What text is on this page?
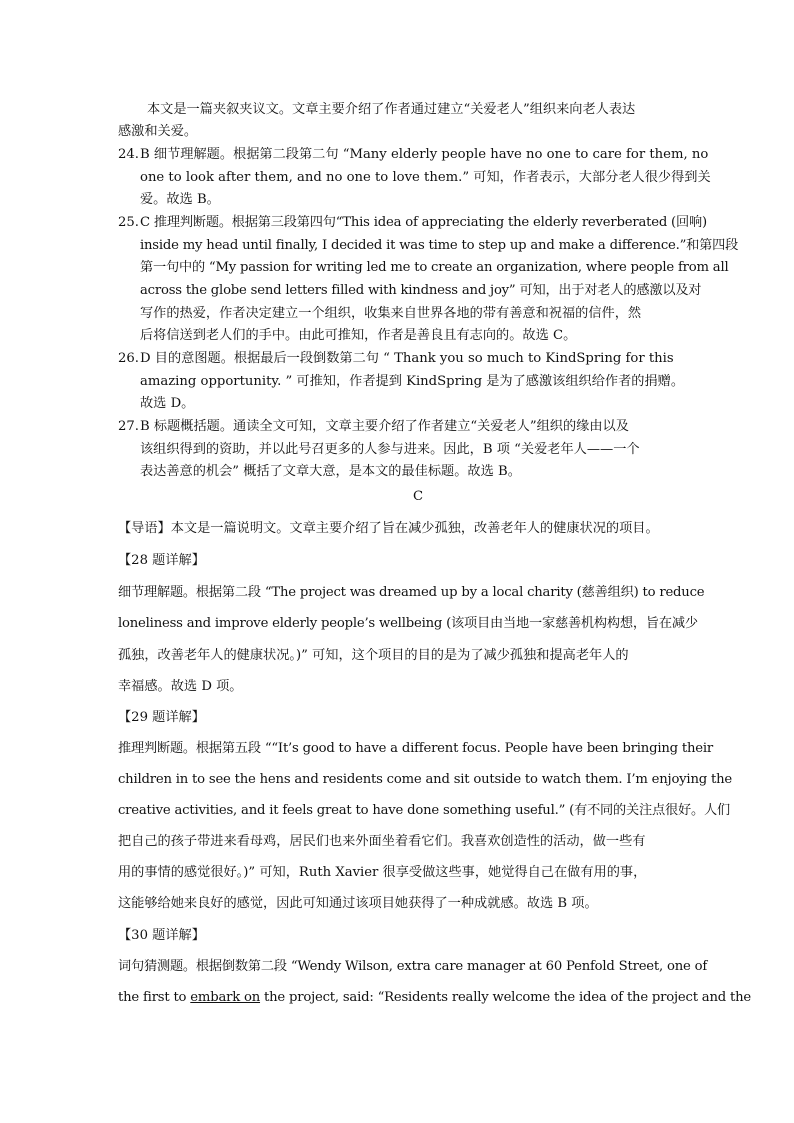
本文是一篇夹叙夹议文。文章主要介绍了作者通过建立“关爱老人”组织来向老人表达
感激和关爱。
24. B 细节理解题。根据第二段第二句 “Many elderly people have no one to care for them, no
one to look after them, and no one to love them.” 可知，作者表示，大部分老人很少得到关
爱。故选 B。
25. C 推理判断题。根据第三段第四句“This idea of appreciating the elderly reverberated (回响)
inside my head until finally, I decided it was time to step up and make a difference.”和第四段
第一句中的 “My passion for writing led me to create an organization, where people from all
across the globe send letters filled with kindness and joy” 可知，出于对老人的感激以及对
写作的热爱，作者决定建立一个组织，收集来自世界各地的带有善意和祝福的信件，然
后将信送到老人们的手中。由此可推知，作者是善良且有志向的。故选 C。
26. D 目的意图题。根据最后一段倒数第二句 “ Thank you so much to KindSpring for this
amazing opportunity. ” 可推知，作者提到 KindSpring 是为了感激该组织给作者的捐赠。
故选 D。
27. B 标题概括题。通读全文可知，文章主要介绍了作者建立“关爱老人”组织的缘由以及
该组织得到的资助，并以此号召更多的人参与进来。因此，B 项 “关爱老年人——一个
表达善意的机会” 概括了文章大意，是本文的最佳标题。故选 B。
C
【导语】本文是一篇说明文。文章主要介绍了旨在减少孤独，改善老年人的健康状况的项目。
【28 题详解】
细节理解题。根据第二段 “The project was dreamed up by a local charity (慈善组织) to reduce
loneliness and improve elderly people’s wellbeing (该项目由当地一家慈善机构构想，旨在减少
孤独，改善老年人的健康状况。)” 可知，这个项目的目的是为了减少孤独和提高老年人的
幸福感。故选 D 项。
【29 题详解】
推理判断题。根据第五段 ““It’s good to have a different focus. People have been bringing their
children in to see the hens and residents come and sit outside to watch them. I’m enjoying the
creative activities, and it feels great to have done something useful.” (有不同的关注点很好。人们
把自己的孩子带进来看母鸡，居民们也来外面坐着看它们。我喜欢创造性的活动，做一些有
用的事情的感觉很好。)” 可知，Ruth Xavier 很享受做这些事，她觉得自己在做有用的事，
这能够给她来良好的感觉，因此可知通过该项目她获得了一种成就感。故选 B 项。
【30 题详解】
词句猜测题。根据倒数第二段 “Wendy Wilson, extra care manager at 60 Penfold Street, one of
the first to embark on the project, said: “Residents really welcome the idea of the project and the
